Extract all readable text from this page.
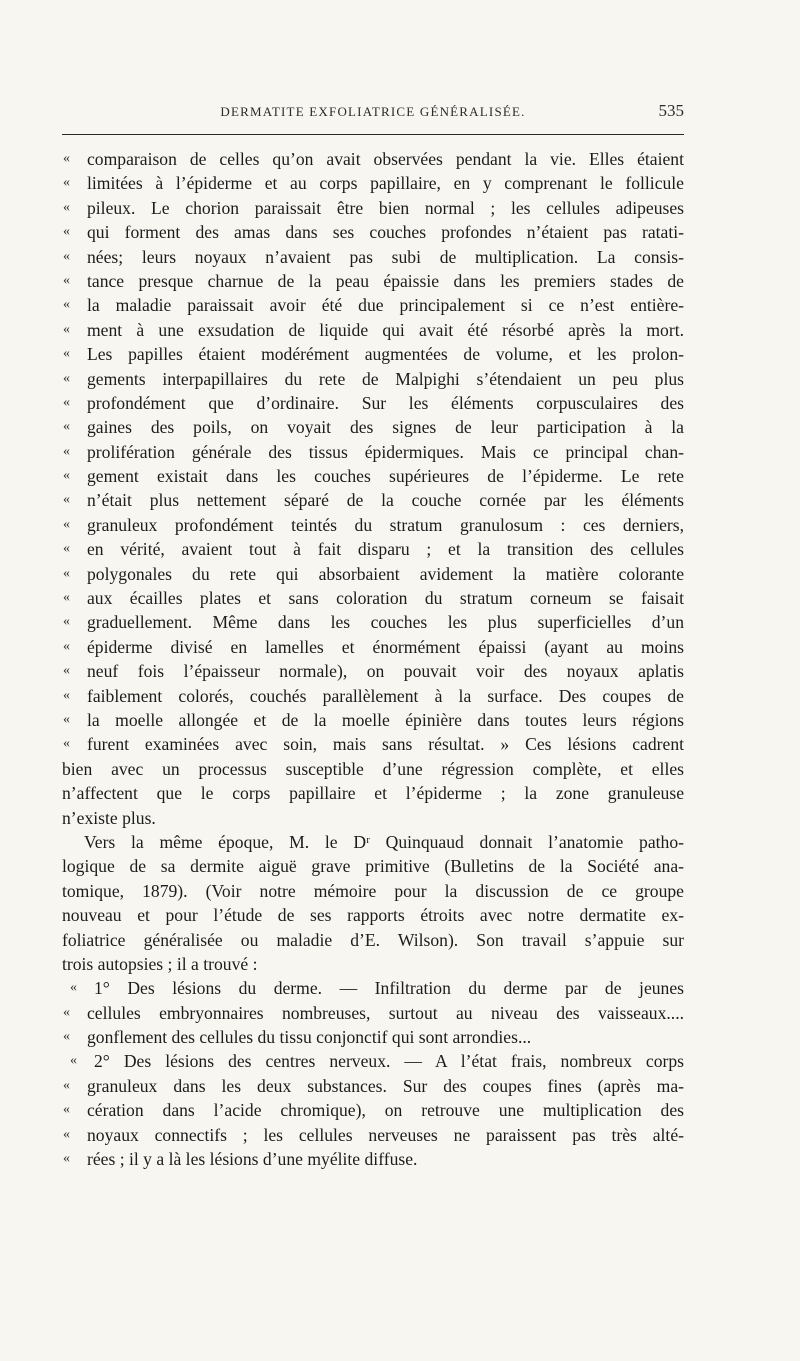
DERMATITE EXFOLIATRICE GÉNÉRALISÉE.	535
« comparaison de celles qu’on avait observées pendant la vie. Elles étaient
« limitées à l’épiderme et au corps papillaire, en y comprenant le follicule
« pileux. Le chorion paraissait être bien normal ; les cellules adipeuses
« qui forment des amas dans ses couches profondes n’étaient pas ratati-
« nées; leurs noyaux n’avaient pas subi de multiplication. La consis-
« tance presque charnue de la peau épaissie dans les premiers stades de
« la maladie paraissait avoir été due principalement si ce n’est entière-
« ment à une exsudation de liquide qui avait été résorbé après la mort.
« Les papilles étaient modérément augmentées de volume, et les prolon-
« gements interpapillaires du rete de Malpighi s’étendaient un peu plus
« profondément que d’ordinaire. Sur les éléments corpusculaires des
« gaines des poils, on voyait des signes de leur participation à la
« prolifération générale des tissus épidermiques. Mais ce principal chan-
« gement existait dans les couches supérieures de l’épiderme. Le rete
« n’était plus nettement séparé de la couche cornée par les éléments
« granuleux profondément teintés du stratum granulosum : ces derniers,
« en vérité, avaient tout à fait disparu ; et la transition des cellules
« polygonales du rete qui absorbaient avidement la matière colorante
« aux écailles plates et sans coloration du stratum corneum se faisait
« graduellement. Même dans les couches les plus superficielles d’un
« épiderme divisé en lamelles et énormément épaissi (ayant au moins
« neuf fois l’épaisseur normale), on pouvait voir des noyaux aplatis
« faiblement colorés, couchés parallèlement à la surface. Des coupes de
« la moelle allongée et de la moelle épinière dans toutes leurs régions
« furent examinées avec soin, mais sans résultat. » Ces lésions cadrent
bien avec un processus susceptible d’une régression complète, et elles
n’affectent que le corps papillaire et l’épiderme ; la zone granuleuse
n’existe plus.
Vers la même époque, M. le Dʳ Quinquaud donnait l’anatomie patho-
logique de sa dermite aiguë grave primitive (Bulletins de la Société ana-
tomique, 1879). (Voir notre mémoire pour la discussion de ce groupe
nouveau et pour l’étude de ses rapports étroits avec notre dermatite ex-
foliatrice généralisée ou maladie d’E. Wilson). Son travail s’appuie sur
trois autopsies ; il a trouvé :
« 1° Des lésions du derme. — Infiltration du derme par de jeunes
« cellules embryonnaires nombreuses, surtout au niveau des vaisseaux....
« gonflement des cellules du tissu conjonctif qui sont arrondies...
« 2° Des lésions des centres nerveux. — A l’état frais, nombreux corps
« granuleux dans les deux substances. Sur des coupes fines (après ma-
« cération dans l’acide chromique), on retrouve une multiplication des
« noyaux connectifs ; les cellules nerveuses ne paraissent pas très alté-
« rées ; il y a là les lésions d’une myélite diffuse.
